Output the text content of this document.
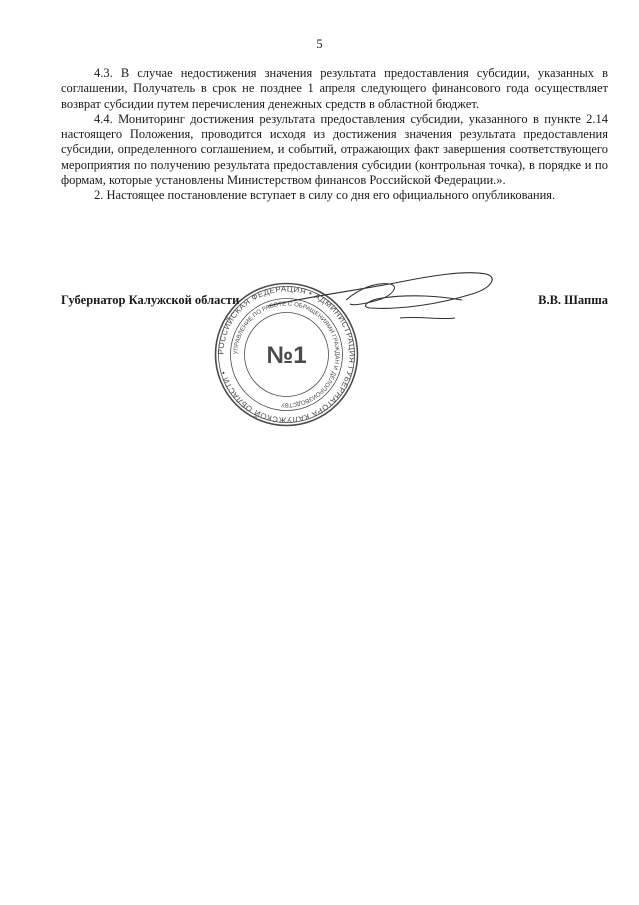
5

4.3. В случае недостижения значения результата предоставления субсидии, указанных в соглашении, Получатель в срок не позднее 1 апреля следующего финансового года осуществляет возврат субсидии путем перечисления денежных средств в областной бюджет.

4.4. Мониторинг достижения результата предоставления субсидии, указанного в пункте 2.14 настоящего Положения, проводится исходя из достижения значения результата предоставления субсидии, определенного соглашением, и событий, отражающих факт завершения соответствующего мероприятия по получению результата предоставления субсидии (контрольная точка), в порядке и по формам, которые установлены Министерством финансов Российской Федерации.».

2. Настоящее постановление вступает в силу со дня его официального опубликования.

РОССИЙСКАЯ ФЕДЕРАЦИЯ • АДМИНИСТРАЦИЯ ГУБЕРНАТОРА КАЛУЖСКОЙ ОБЛАСТИ •
УПРАВЛЕНИЕ ПО РАБОТЕ С ОБРАЩЕНИЯМИ ГРАЖДАН И ДЕЛОПРОИЗВОДСТВУ
№1
Губернатор Калужской области	В.В. Шапша
